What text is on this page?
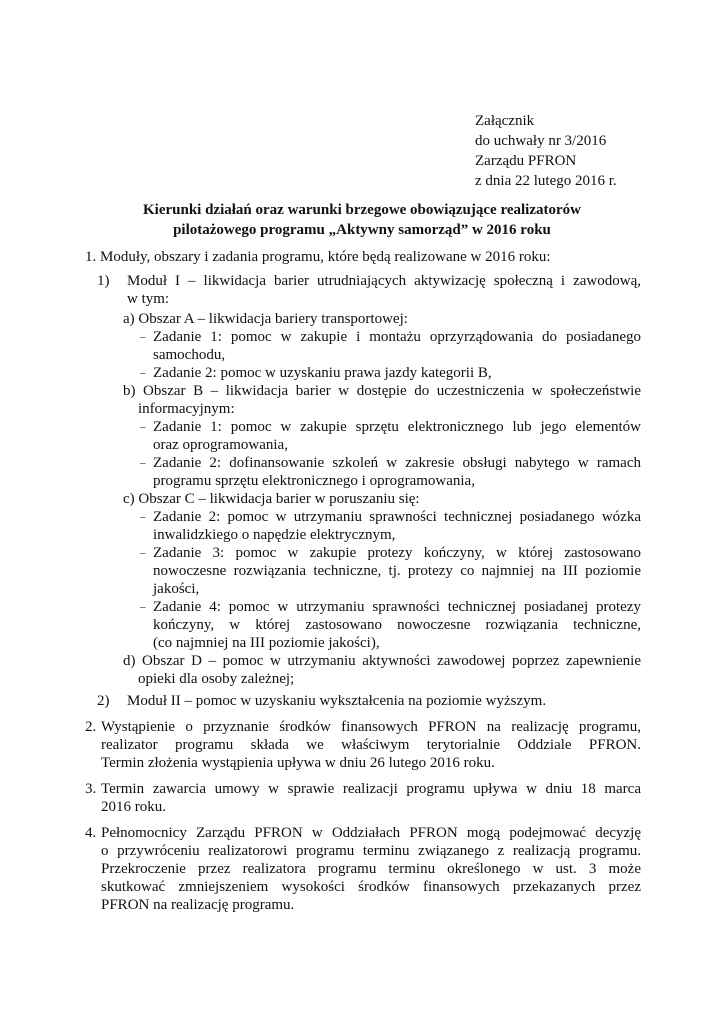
Załącznik
do uchwały nr 3/2016
Zarządu PFRON
z dnia 22 lutego 2016 r.
Kierunki działań oraz warunki brzegowe obowiązujące realizatorów
pilotażowego programu „Aktywny samorząd” w 2016 roku
1. Moduły, obszary i zadania programu, które będą realizowane w 2016 roku:
1) Moduł I – likwidacja barier utrudniających aktywizację społeczną i zawodową,
w tym:
a) Obszar A – likwidacja bariery transportowej:
– Zadanie 1: pomoc w zakupie i montażu oprzyrządowania do posiadanego
samochodu,
– Zadanie 2: pomoc w uzyskaniu prawa jazdy kategorii B,
b) Obszar B – likwidacja barier w dostępie do uczestniczenia w społeczeństwie
informacyjnym:
– Zadanie 1: pomoc w zakupie sprzętu elektronicznego lub jego elementów
oraz oprogramowania,
– Zadanie 2: dofinansowanie szkoleń w zakresie obsługi nabytego w ramach
programu sprzętu elektronicznego i oprogramowania,
c) Obszar C – likwidacja barier w poruszaniu się:
– Zadanie 2: pomoc w utrzymaniu sprawności technicznej posiadanego wózka
inwalidzkiego o napędzie elektrycznym,
– Zadanie 3: pomoc w zakupie protezy kończyny, w której zastosowano
nowoczesne rozwiązania techniczne, tj. protezy co najmniej na III poziomie
jakości,
– Zadanie 4: pomoc w utrzymaniu sprawności technicznej posiadanej protezy
kończyny, w której zastosowano nowoczesne rozwiązania techniczne,
(co najmniej na III poziomie jakości),
d) Obszar D – pomoc w utrzymaniu aktywności zawodowej poprzez zapewnienie
opieki dla osoby zależnej;
2) Moduł II – pomoc w uzyskaniu wykształcenia na poziomie wyższym.
2. Wystąpienie o przyznanie środków finansowych PFRON na realizację programu,
realizator programu składa we właściwym terytorialnie Oddziale PFRON.
Termin złożenia wystąpienia upływa w dniu 26 lutego 2016 roku.
3. Termin zawarcia umowy w sprawie realizacji programu upływa w dniu 18 marca
2016 roku.
4. Pełnomocnicy Zarządu PFRON w Oddziałach PFRON mogą podejmować decyzję
o przywróceniu realizatorowi programu terminu związanego z realizacją programu.
Przekroczenie przez realizatora programu terminu określonego w ust. 3 może
skutkować zmniejszeniem wysokości środków finansowych przekazanych przez
PFRON na realizację programu.
